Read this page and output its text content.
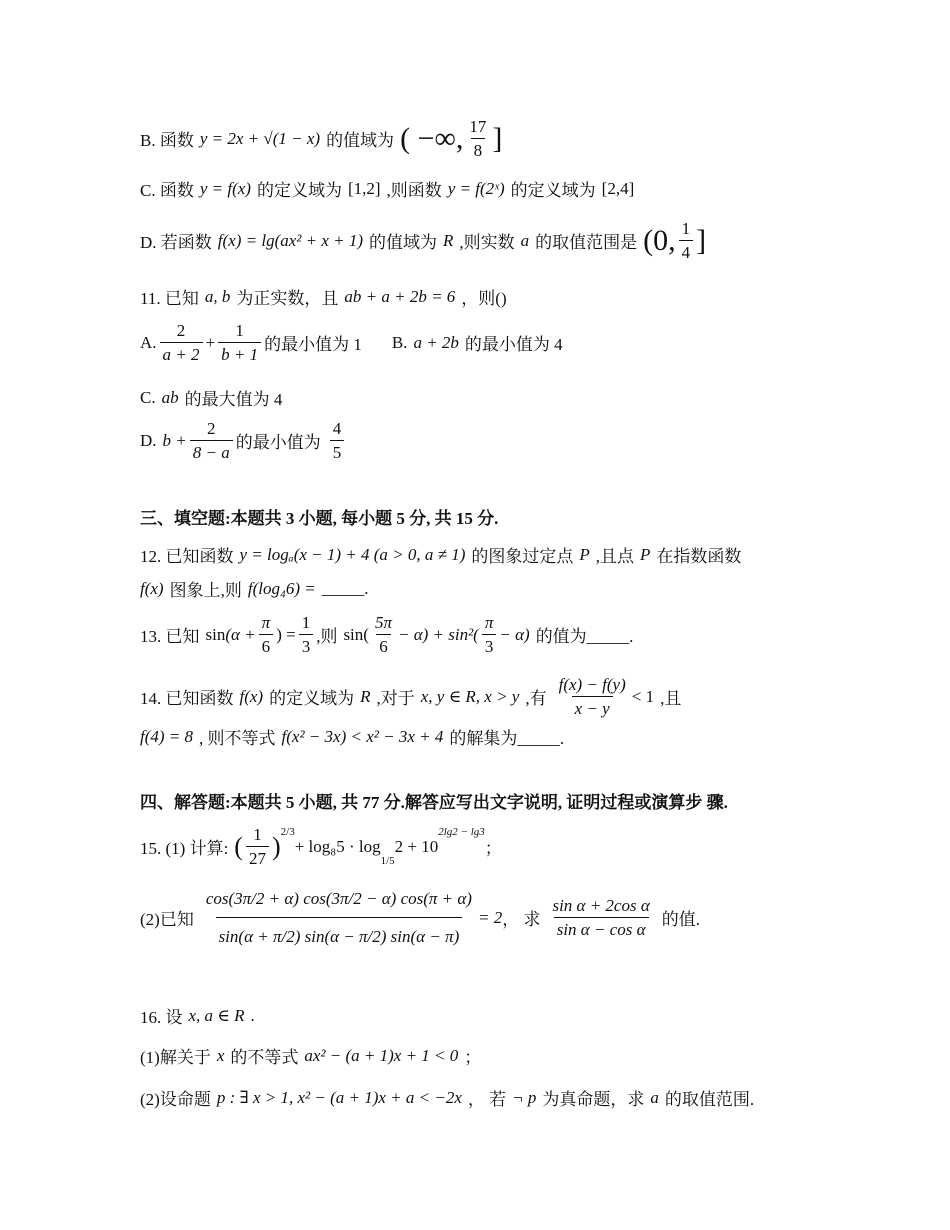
B. 函数 y = 2x + √(1 − x) 的值域为 ( −∞, $\frac{17}{8}$ ]
C. 函数 y = f(x) 的定义域为 [1,2] ,则函数 y = f(2ˣ) 的定义域为 [2,4]
D. 若函数 f(x) = lg(ax² + x + 1) 的值域为 R ,则实数 a 的取值范围是 (0, $\frac{1}{4}$ ]
11. 已知 a, b 为正实数，且 ab + a + 2b = 6 ，则()
A. $\frac{2}{a + 2} + \frac{1}{b + 1}$ 的最小值为 1 B. a + 2b 的最小值为 4
C. ab 的最大值为 4
D. $b + \frac{2}{8 - a}$ 的最小值为 $\frac{4}{5}$
三、填空题:本题共 3 小题, 每小题 5 分, 共 15 分.
12. 已知函数 y = logₐ(x − 1) + 4 (a > 0, a ≠ 1) 的图象过定点 P ,且点 P 在指数函数
f(x) 图象上,则 f(log₄6) = _____.
13. 已知 $\sin (\alpha + \frac{\pi}{6}$ ) = $\frac{1}{3}$ ,则 $\sin( \frac{5\pi}{6} - \alpha) + \sin^2( \frac{\pi}{3} - \alpha)$ 的值为_____.
14. 已知函数 f(x) 的定义域为 R ,对于 x, y ∈ R, x > y ,有 $\frac{f(x) - f(y)}{x - y} < 1$ ,且
f(4) = 8 , 则不等式 f(x² − 3x) < x² − 3x + 4 的解集为_____.
四、解答题:本题共 5 小题, 共 77 分.解答应写出文字说明, 证明过程或演算步 骤.
15. (1) 计算: ( $\frac{1}{27} )^{2/3}$
+ log₈5 · log
$_{1/5}$
2 + 10
$^{2lg2 - lg3}$
；
(2)已知 $\frac{\cos(3\pi/2 + \alpha) \cos(3\pi/2 - \alpha) \cos(\pi + \alpha)}{\sin(\alpha + \pi/2) \sin(\alpha - \pi/2) \sin(\alpha - \pi)} = 2$ ， 求 $\frac{\text{sin α + 2cos α}}{\text{sin α − cos α}}$ 的值.
16. 设 x, a ∈ R .
(1)解关于 x 的不等式 ax² − (a + 1)x + 1 < 0 ；
(2)设命题 p : ∃ x > 1, x² − (a + 1)x + a < −2x ， 若 ¬ p 为真命题，求 a 的取值范围.
